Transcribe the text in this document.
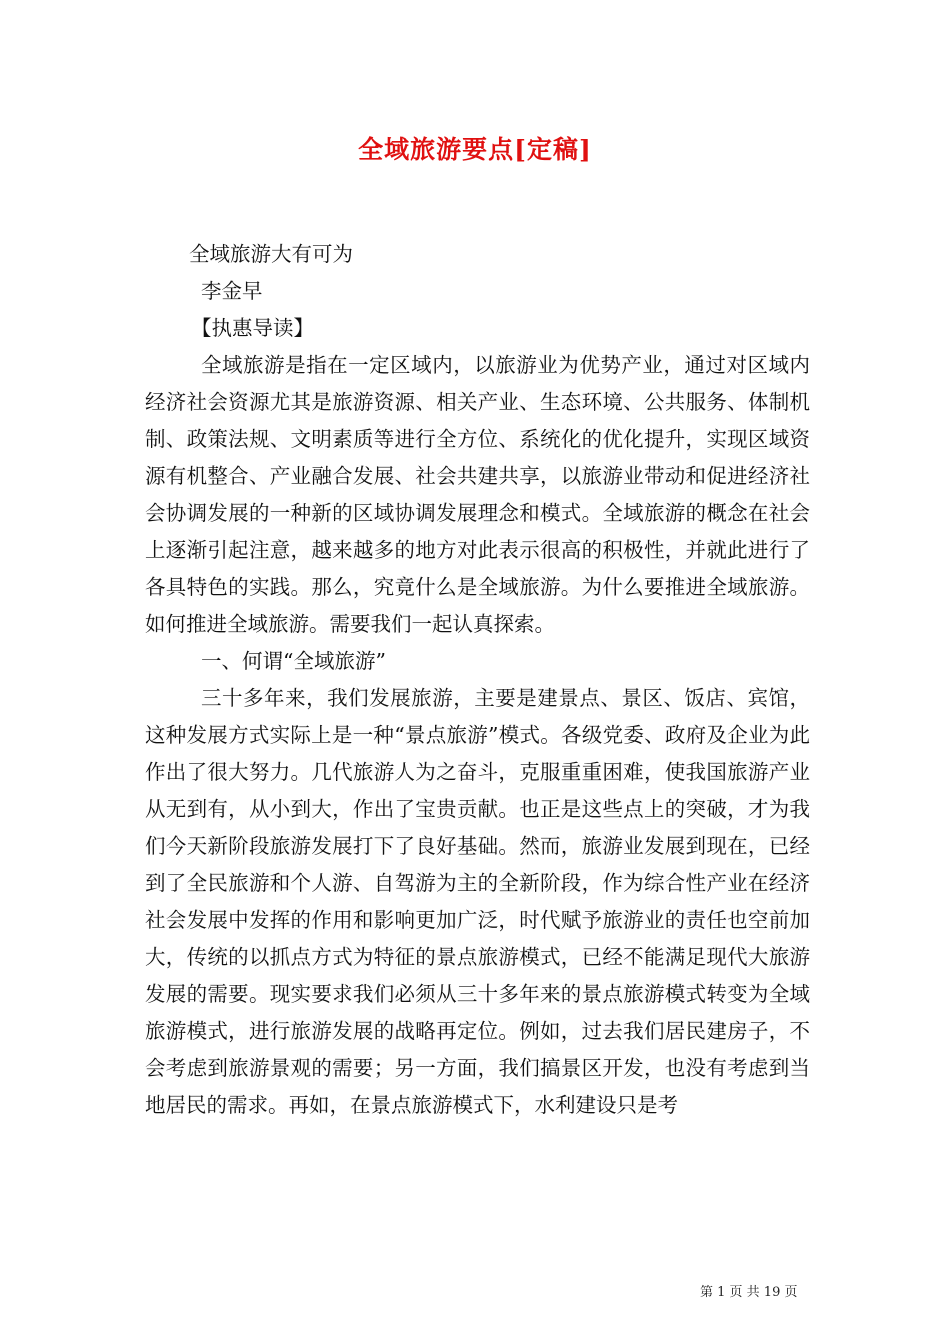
全域旅游要点[定稿]

全域旅游大有可为

李金早

【执惠导读】

全域旅游是指在一定区域内，以旅游业为优势产业，通过对区域内经济社会资源尤其是旅游资源、相关产业、生态环境、公共服务、体制机制、政策法规、文明素质等进行全方位、系统化的优化提升，实现区域资源有机整合、产业融合发展、社会共建共享，以旅游业带动和促进经济社会协调发展的一种新的区域协调发展理念和模式。全域旅游的概念在社会上逐渐引起注意，越来越多的地方对此表示很高的积极性，并就此进行了各具特色的实践。那么，究竟什么是全域旅游。为什么要推进全域旅游。如何推进全域旅游。需要我们一起认真探索。

一、何谓“全域旅游”

三十多年来，我们发展旅游，主要是建景点、景区、饭店、宾馆，这种发展方式实际上是一种“景点旅游”模式。各级党委、政府及企业为此作出了很大努力。几代旅游人为之奋斗，克服重重困难，使我国旅游产业从无到有，从小到大，作出了宝贵贡献。也正是这些点上的突破，才为我们今天新阶段旅游发展打下了良好基础。然而，旅游业发展到现在，已经到了全民旅游和个人游、自驾游为主的全新阶段，作为综合性产业在经济社会发展中发挥的作用和影响更加广泛，时代赋予旅游业的责任也空前加大，传统的以抓点方式为特征的景点旅游模式，已经不能满足现代大旅游发展的需要。现实要求我们必须从三十多年来的景点旅游模式转变为全域旅游模式，进行旅游发展的战略再定位。例如，过去我们居民建房子，不会考虑到旅游景观的需要；另一方面，我们搞景区开发，也没有考虑到当地居民的需求。再如，在景点旅游模式下，水利建设只是考

第 1 页 共 19 页
